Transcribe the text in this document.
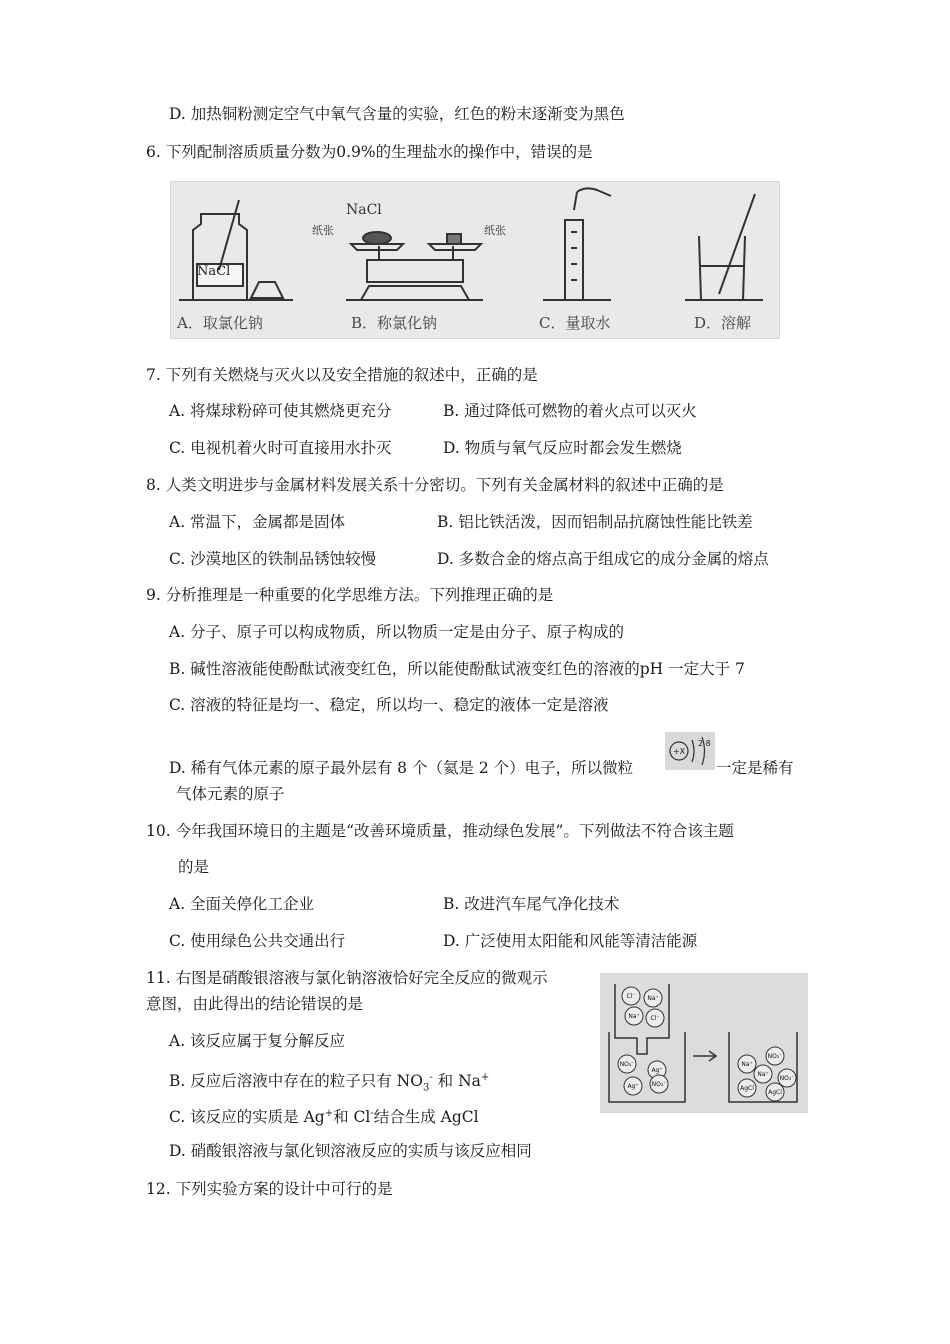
D. 加热铜粉测定空气中氧气含量的实验，红色的粉末逐渐变为黑色
6. 下列配制溶质质量分数为0.9%的生理盐水的操作中，错误的是
NaCl
NaCl
纸张	纸张
A．取氯化钠	B．称氯化钠	C．量取水	D．溶解
7. 下列有关燃烧与灭火以及安全措施的叙述中，正确的是
A. 将煤球粉碎可使其燃烧更充分	B. 通过降低可燃物的着火点可以灭火
C. 电视机着火时可直接用水扑灭	D. 物质与氧气反应时都会发生燃烧
8. 人类文明进步与金属材料发展关系十分密切。下列有关金属材料的叙述中正确的是
A. 常温下，金属都是固体	B. 铝比铁活泼，因而铝制品抗腐蚀性能比铁差
C. 沙漠地区的铁制品锈蚀较慢	D. 多数合金的熔点高于组成它的成分金属的熔点
9. 分析推理是一种重要的化学思维方法。下列推理正确的是
A. 分子、原子可以构成物质，所以物质一定是由分子、原子构成的
B. 碱性溶液能使酚酞试液变红色，所以能使酚酞试液变红色的溶液的pH 一定大于 7
C. 溶液的特征是均一、稳定，所以均一、稳定的液体一定是溶液
D. 稀有气体元素的原子最外层有 8 个（氦是 2 个）电子，所以微粒
+X
2 8
一定是稀有
气体元素的原子
10. 今年我国环境日的主题是“改善环境质量，推动绿色发展”。下列做法不符合该主题
的是
A. 全面关停化工企业	B. 改进汽车尾气净化技术
C. 使用绿色公共交通出行	D. 广泛使用太阳能和风能等清洁能源
11. 右图是硝酸银溶液与氯化钠溶液恰好完全反应的微观示
意图，由此得出的结论错误的是
A. 该反应属于复分解反应
B. 反应后溶液中存在的粒子只有 $NO_3^-$ 和 Na+
C. 该反应的实质是 Ag+和 Cl-结合生成 AgCl
D. 硝酸银溶液与氯化钡溶液反应的实质与该反应相同
Cl⁻ Na⁺
Na⁺ Cl⁻
NO₃⁻
Ag⁺
Ag⁺ NO₃⁻
Na⁺
NO₃⁻
Na⁺
NO₃⁻
AgCl
AgCl
12. 下列实验方案的设计中可行的是
